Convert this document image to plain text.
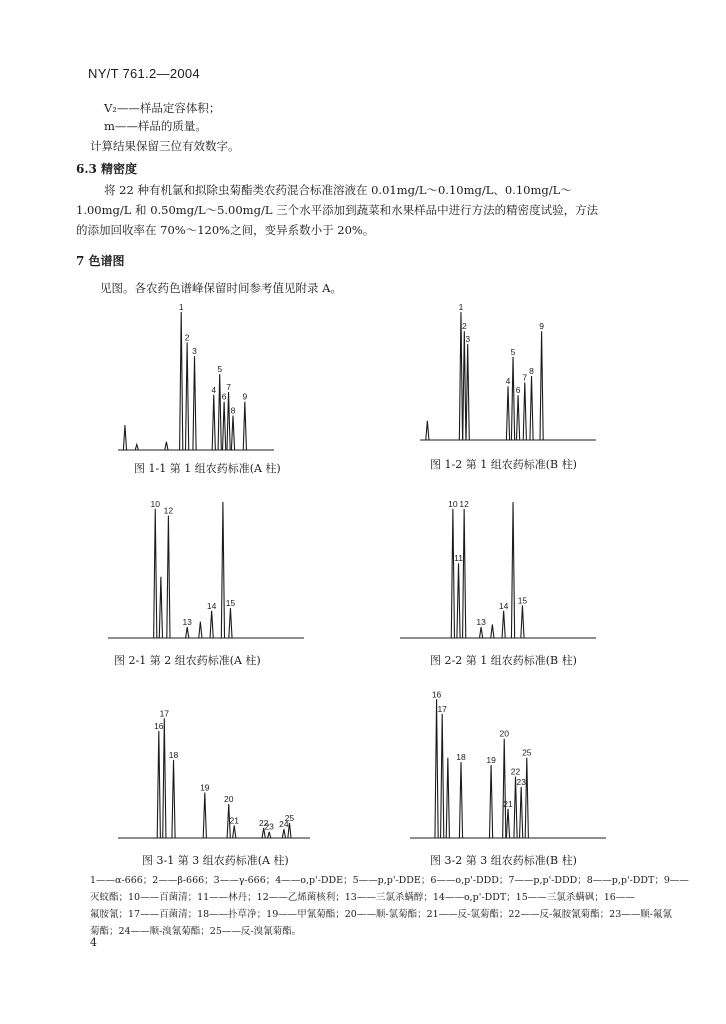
NY/T 761.2—2004
V₂——样品定容体积；
m——样品的质量。
计算结果保留三位有效数字。
6.3 精密度
将 22 种有机氯和拟除虫菊酯类农药混合标准溶液在 0.01mg/L～0.10mg/L、0.10mg/L～
1.00mg/L 和 0.50mg/L～5.00mg/L 三个水平添加到蔬菜和水果样品中进行方法的精密度试验，方法
的添加回收率在 70%～120%之间，变异系数小于 20%。
7 色谱图
见图。各农药色谱峰保留时间参考值见附录 A。
1
2
3
4
5
6
7
8
9
图 1-1 第 1 组农药标准(A 柱)
1
2
3
4
5
6
7
8
9
图 1-2 第 1 组农药标准(B 柱)
10
12
13
14 15
图 2-1 第 2 组农药标准(A 柱)
10
11
12
13
14
15
图 2-2 第 1 组农药标准(B 柱)
16
17
18
19
20
21 22
23 24
25
图 3-1 第 3 组农药标准(A 柱)
16
17
18 19
20
21
22
23
25
图 3-2 第 3 组农药标准(B 柱)
1——α-666；2——β-666；3——γ-666；4——o,p'-DDE；5——p,p'-DDE；6——o,p'-DDD；7——p,p'-DDD；8——p,p'-DDT；9——
灭蚊酯；10——百菌清；11——林丹；12——乙烯菌核利；13——三氯杀螨醇；14——o,p'-DDT；15——三氯杀螨砜；16——
氟胺氰；17——百菌清；18——扑草净；19——甲氰菊酯；20——顺-氯菊酯；21——反-氯菊酯；22——反-氟胺氰菊酯；23——顺-氟氰
菊酯；24——顺-溴氰菊酯；25——反-溴氰菊酯。
4
